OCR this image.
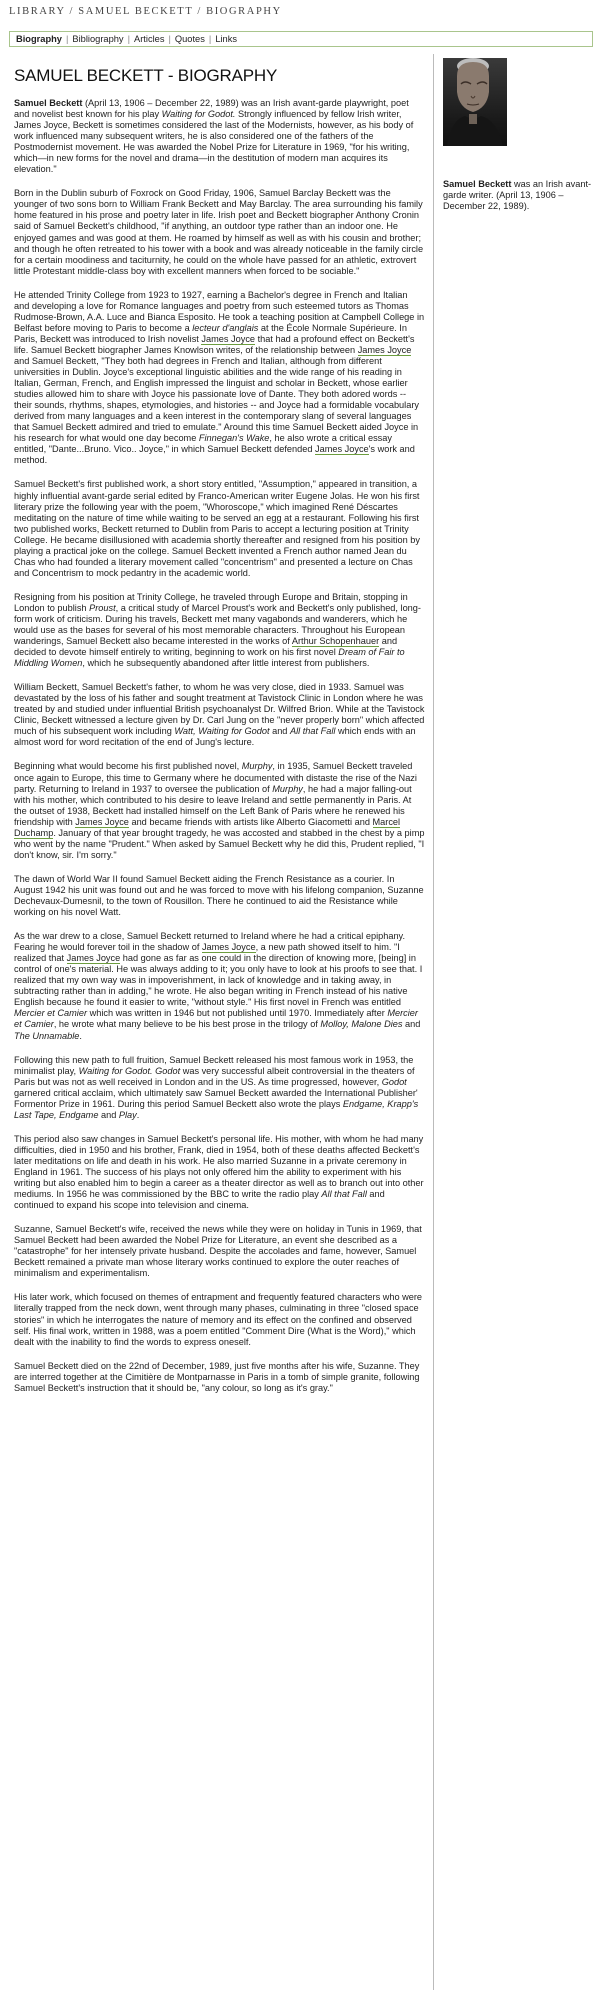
LIBRARY / SAMUEL BECKETT / BIOGRAPHY
Biography | Bibliography | Articles | Quotes | Links
SAMUEL BECKETT - BIOGRAPHY

Samuel Beckett (April 13, 1906 – December 22, 1989) was an Irish avant-garde playwright, poet and novelist best known for his play Waiting for Godot. Strongly influenced by fellow Irish writer, James Joyce, Beckett is sometimes considered the last of the Modernists, however, as his body of work influenced many subsequent writers, he is also considered one of the fathers of the Postmodernist movement. He was awarded the Nobel Prize for Literature in 1969, "for his writing, which—in new forms for the novel and drama—in the destitution of modern man acquires its elevation."

Born in the Dublin suburb of Foxrock on Good Friday, 1906, Samuel Barclay Beckett was the younger of two sons born to William Frank Beckett and May Barclay. The area surrounding his family home featured in his prose and poetry later in life. Irish poet and Beckett biographer Anthony Cronin said of Samuel Beckett's childhood, "if anything, an outdoor type rather than an indoor one. He enjoyed games and was good at them. He roamed by himself as well as with his cousin and brother; and though he often retreated to his tower with a book and was already noticeable in the family circle for a certain moodiness and taciturnity, he could on the whole have passed for an athletic, extrovert little Protestant middle-class boy with excellent manners when forced to be sociable."

He attended Trinity College from 1923 to 1927, earning a Bachelor's degree in French and Italian and developing a love for Romance languages and poetry from such esteemed tutors as Thomas Rudmose-Brown, A.A. Luce and Bianca Esposito. He took a teaching position at Campbell College in Belfast before moving to Paris to become a lecteur d'anglais at the École Normale Supérieure. In Paris, Beckett was introduced to Irish novelist James Joyce that had a profound effect on Beckett's life. Samuel Beckett biographer James Knowlson writes, of the relationship between James Joyce and Samuel Beckett, "They both had degrees in French and Italian, although from different universities in Dublin. Joyce's exceptional linguistic abilities and the wide range of his reading in Italian, German, French, and English impressed the linguist and scholar in Beckett, whose earlier studies allowed him to share with Joyce his passionate love of Dante. They both adored words -- their sounds, rhythms, shapes, etymologies, and histories -- and Joyce had a formidable vocabulary derived from many languages and a keen interest in the contemporary slang of several languages that Samuel Beckett admired and tried to emulate." Around this time Samuel Beckett aided Joyce in his research for what would one day become Finnegan's Wake, he also wrote a critical essay entitled, "Dante...Bruno. Vico.. Joyce," in which Samuel Beckett defended James Joyce's work and method.

Samuel Beckett's first published work, a short story entitled, "Assumption," appeared in transition, a highly influential avant-garde serial edited by Franco-American writer Eugene Jolas. He won his first literary prize the following year with the poem, "Whoroscope," which imagined René Déscartes meditating on the nature of time while waiting to be served an egg at a restaurant. Following his first two published works, Beckett returned to Dublin from Paris to accept a lecturing position at Trinity College. He became disillusioned with academia shortly thereafter and resigned from his position by playing a practical joke on the college. Samuel Beckett invented a French author named Jean du Chas who had founded a literary movement called "concentrism" and presented a lecture on Chas and Concentrism to mock pedantry in the academic world.

Resigning from his position at Trinity College, he traveled through Europe and Britain, stopping in London to publish Proust, a critical study of Marcel Proust's work and Beckett's only published, long-form work of criticism. During his travels, Beckett met many vagabonds and wanderers, which he would use as the bases for several of his most memorable characters. Throughout his European wanderings, Samuel Beckett also became interested in the works of Arthur Schopenhauer and decided to devote himself entirely to writing, beginning to work on his first novel Dream of Fair to Middling Women, which he subsequently abandoned after little interest from publishers.

William Beckett, Samuel Beckett's father, to whom he was very close, died in 1933. Samuel was devastated by the loss of his father and sought treatment at Tavistock Clinic in London where he was treated by and studied under influential British psychoanalyst Dr. Wilfred Brion. While at the Tavistock Clinic, Beckett witnessed a lecture given by Dr. Carl Jung on the "never properly born" which affected much of his subsequent work including Watt, Waiting for Godot and All that Fall which ends with an almost word for word recitation of the end of Jung's lecture.

Beginning what would become his first published novel, Murphy, in 1935, Samuel Beckett traveled once again to Europe, this time to Germany where he documented with distaste the rise of the Nazi party. Returning to Ireland in 1937 to oversee the publication of Murphy, he had a major falling-out with his mother, which contributed to his desire to leave Ireland and settle permanently in Paris. At the outset of 1938, Beckett had installed himself on the Left Bank of Paris where he renewed his friendship with James Joyce and became friends with artists like Alberto Giacometti and Marcel Duchamp. January of that year brought tragedy, he was accosted and stabbed in the chest by a pimp who went by the name "Prudent." When asked by Samuel Beckett why he did this, Prudent replied, "I don't know, sir. I'm sorry."

The dawn of World War II found Samuel Beckett aiding the French Resistance as a courier. In August 1942 his unit was found out and he was forced to move with his lifelong companion, Suzanne Dechevaux-Dumesnil, to the town of Rousillon. There he continued to aid the Resistance while working on his novel Watt.

As the war drew to a close, Samuel Beckett returned to Ireland where he had a critical epiphany. Fearing he would forever toil in the shadow of James Joyce, a new path showed itself to him. "I realized that James Joyce had gone as far as one could in the direction of knowing more, [being] in control of one's material. He was always adding to it; you only have to look at his proofs to see that. I realized that my own way was in impoverishment, in lack of knowledge and in taking away, in subtracting rather than in adding," he wrote. He also began writing in French instead of his native English because he found it easier to write, "without style." His first novel in French was entitled Mercier et Camier which was written in 1946 but not published until 1970. Immediately after Mercier et Camier, he wrote what many believe to be his best prose in the trilogy of Molloy, Malone Dies and The Unnamable.

Following this new path to full fruition, Samuel Beckett released his most famous work in 1953, the minimalist play, Waiting for Godot. Godot was very successful albeit controversial in the theaters of Paris but was not as well received in London and in the US. As time progressed, however, Godot garnered critical acclaim, which ultimately saw Samuel Beckett awarded the International Publisher' Formentor Prize in 1961. During this period Samuel Beckett also wrote the plays Endgame, Krapp's Last Tape, Endgame and Play.

This period also saw changes in Samuel Beckett's personal life. His mother, with whom he had many difficulties, died in 1950 and his brother, Frank, died in 1954, both of these deaths affected Beckett's later meditations on life and death in his work. He also married Suzanne in a private ceremony in England in 1961. The success of his plays not only offered him the ability to experiment with his writing but also enabled him to begin a career as a theater director as well as to branch out into other mediums. In 1956 he was commissioned by the BBC to write the radio play All that Fall and continued to expand his scope into television and cinema.

Suzanne, Samuel Beckett's wife, received the news while they were on holiday in Tunis in 1969, that Samuel Beckett had been awarded the Nobel Prize for Literature, an event she described as a "catastrophe" for her intensely private husband. Despite the accolades and fame, however, Samuel Beckett remained a private man whose literary works continued to explore the outer reaches of minimalism and experimentalism.

His later work, which focused on themes of entrapment and frequently featured characters who were literally trapped from the neck down, went through many phases, culminating in three "closed space stories" in which he interrogates the nature of memory and its effect on the confined and observed self. His final work, written in 1988, was a poem entitled "Comment Dire (What is the Word)," which dealt with the inability to find the words to express oneself.

Samuel Beckett died on the 22nd of December, 1989, just five months after his wife, Suzanne. They are interred together at the Cimitière de Montparnasse in Paris in a tomb of simple granite, following Samuel Beckett's instruction that it should be, "any colour, so long as it's gray."

Samuel Beckett was an Irish avant-garde writer. (April 13, 1906 – December 22, 1989).
